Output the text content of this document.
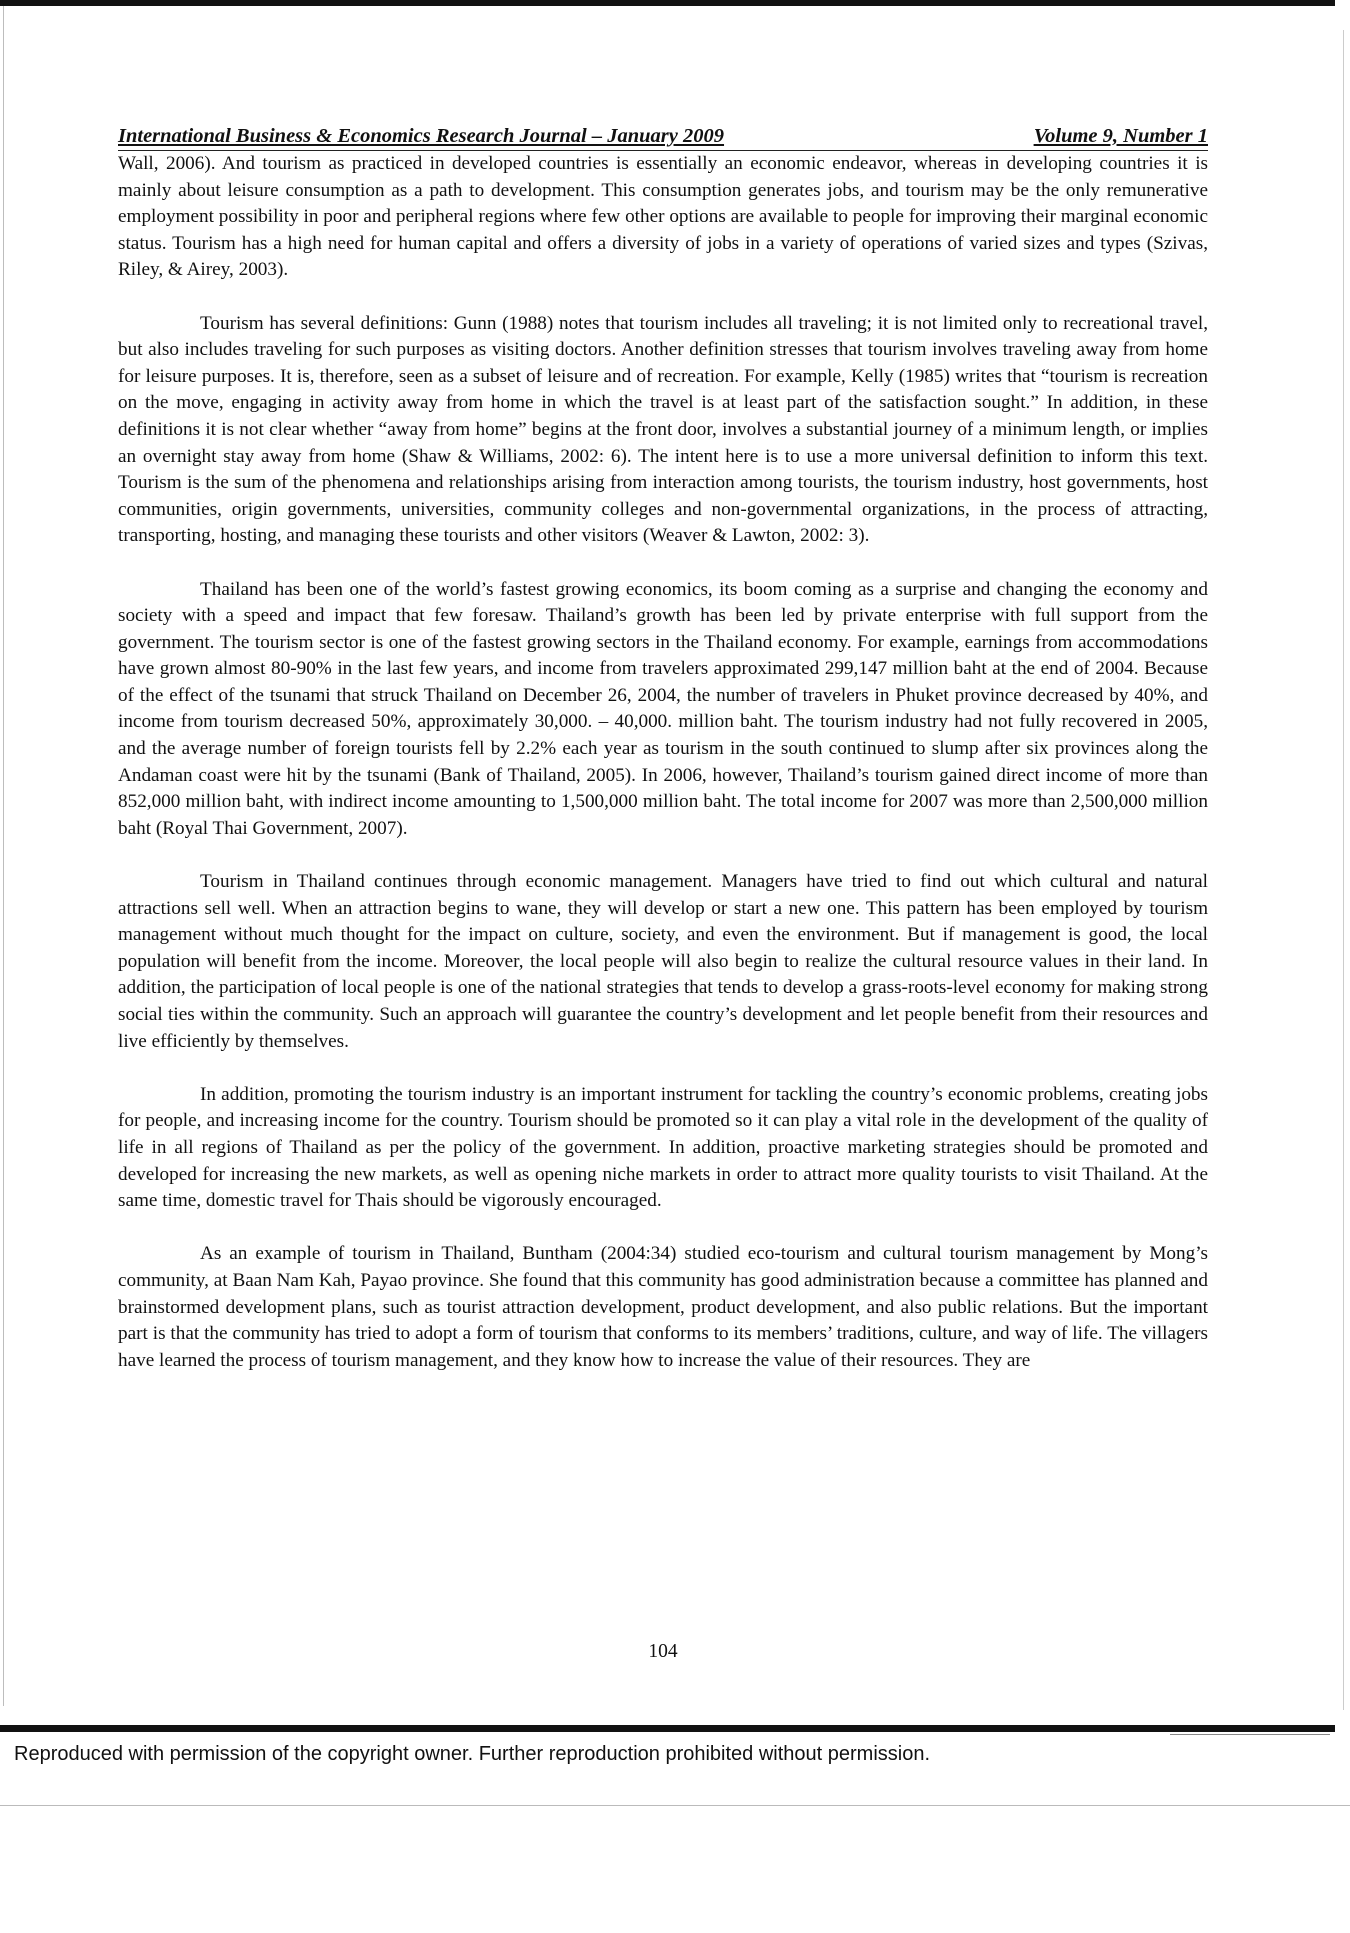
International Business & Economics Research Journal – January 2009	Volume 9, Number 1

Wall, 2006). And tourism as practiced in developed countries is essentially an economic endeavor, whereas in developing countries it is mainly about leisure consumption as a path to development. This consumption generates jobs, and tourism may be the only remunerative employment possibility in poor and peripheral regions where few other options are available to people for improving their marginal economic status. Tourism has a high need for human capital and offers a diversity of jobs in a variety of operations of varied sizes and types (Szivas, Riley, & Airey, 2003).

Tourism has several definitions: Gunn (1988) notes that tourism includes all traveling; it is not limited only to recreational travel, but also includes traveling for such purposes as visiting doctors. Another definition stresses that tourism involves traveling away from home for leisure purposes. It is, therefore, seen as a subset of leisure and of recreation. For example, Kelly (1985) writes that “tourism is recreation on the move, engaging in activity away from home in which the travel is at least part of the satisfaction sought.” In addition, in these definitions it is not clear whether “away from home” begins at the front door, involves a substantial journey of a minimum length, or implies an overnight stay away from home (Shaw & Williams, 2002: 6). The intent here is to use a more universal definition to inform this text. Tourism is the sum of the phenomena and relationships arising from interaction among tourists, the tourism industry, host governments, host communities, origin governments, universities, community colleges and non-governmental organizations, in the process of attracting, transporting, hosting, and managing these tourists and other visitors (Weaver & Lawton, 2002: 3).

Thailand has been one of the world’s fastest growing economics, its boom coming as a surprise and changing the economy and society with a speed and impact that few foresaw. Thailand’s growth has been led by private enterprise with full support from the government. The tourism sector is one of the fastest growing sectors in the Thailand economy. For example, earnings from accommodations have grown almost 80-90% in the last few years, and income from travelers approximated 299,147 million baht at the end of 2004. Because of the effect of the tsunami that struck Thailand on December 26, 2004, the number of travelers in Phuket province decreased by 40%, and income from tourism decreased 50%, approximately 30,000. – 40,000. million baht. The tourism industry had not fully recovered in 2005, and the average number of foreign tourists fell by 2.2% each year as tourism in the south continued to slump after six provinces along the Andaman coast were hit by the tsunami (Bank of Thailand, 2005). In 2006, however, Thailand’s tourism gained direct income of more than 852,000 million baht, with indirect income amounting to 1,500,000 million baht. The total income for 2007 was more than 2,500,000 million baht (Royal Thai Government, 2007).

Tourism in Thailand continues through economic management. Managers have tried to find out which cultural and natural attractions sell well. When an attraction begins to wane, they will develop or start a new one. This pattern has been employed by tourism management without much thought for the impact on culture, society, and even the environment. But if management is good, the local population will benefit from the income. Moreover, the local people will also begin to realize the cultural resource values in their land. In addition, the participation of local people is one of the national strategies that tends to develop a grass-roots-level economy for making strong social ties within the community. Such an approach will guarantee the country’s development and let people benefit from their resources and live efficiently by themselves.

In addition, promoting the tourism industry is an important instrument for tackling the country’s economic problems, creating jobs for people, and increasing income for the country. Tourism should be promoted so it can play a vital role in the development of the quality of life in all regions of Thailand as per the policy of the government. In addition, proactive marketing strategies should be promoted and developed for increasing the new markets, as well as opening niche markets in order to attract more quality tourists to visit Thailand. At the same time, domestic travel for Thais should be vigorously encouraged.

As an example of tourism in Thailand, Buntham (2004:34) studied eco-tourism and cultural tourism management by Mong’s community, at Baan Nam Kah, Payao province. She found that this community has good administration because a committee has planned and brainstormed development plans, such as tourist attraction development, product development, and also public relations. But the important part is that the community has tried to adopt a form of tourism that conforms to its members’ traditions, culture, and way of life. The villagers have learned the process of tourism management, and they know how to increase the value of their resources. They are

104
Reproduced with permission of the copyright owner. Further reproduction prohibited without permission.
